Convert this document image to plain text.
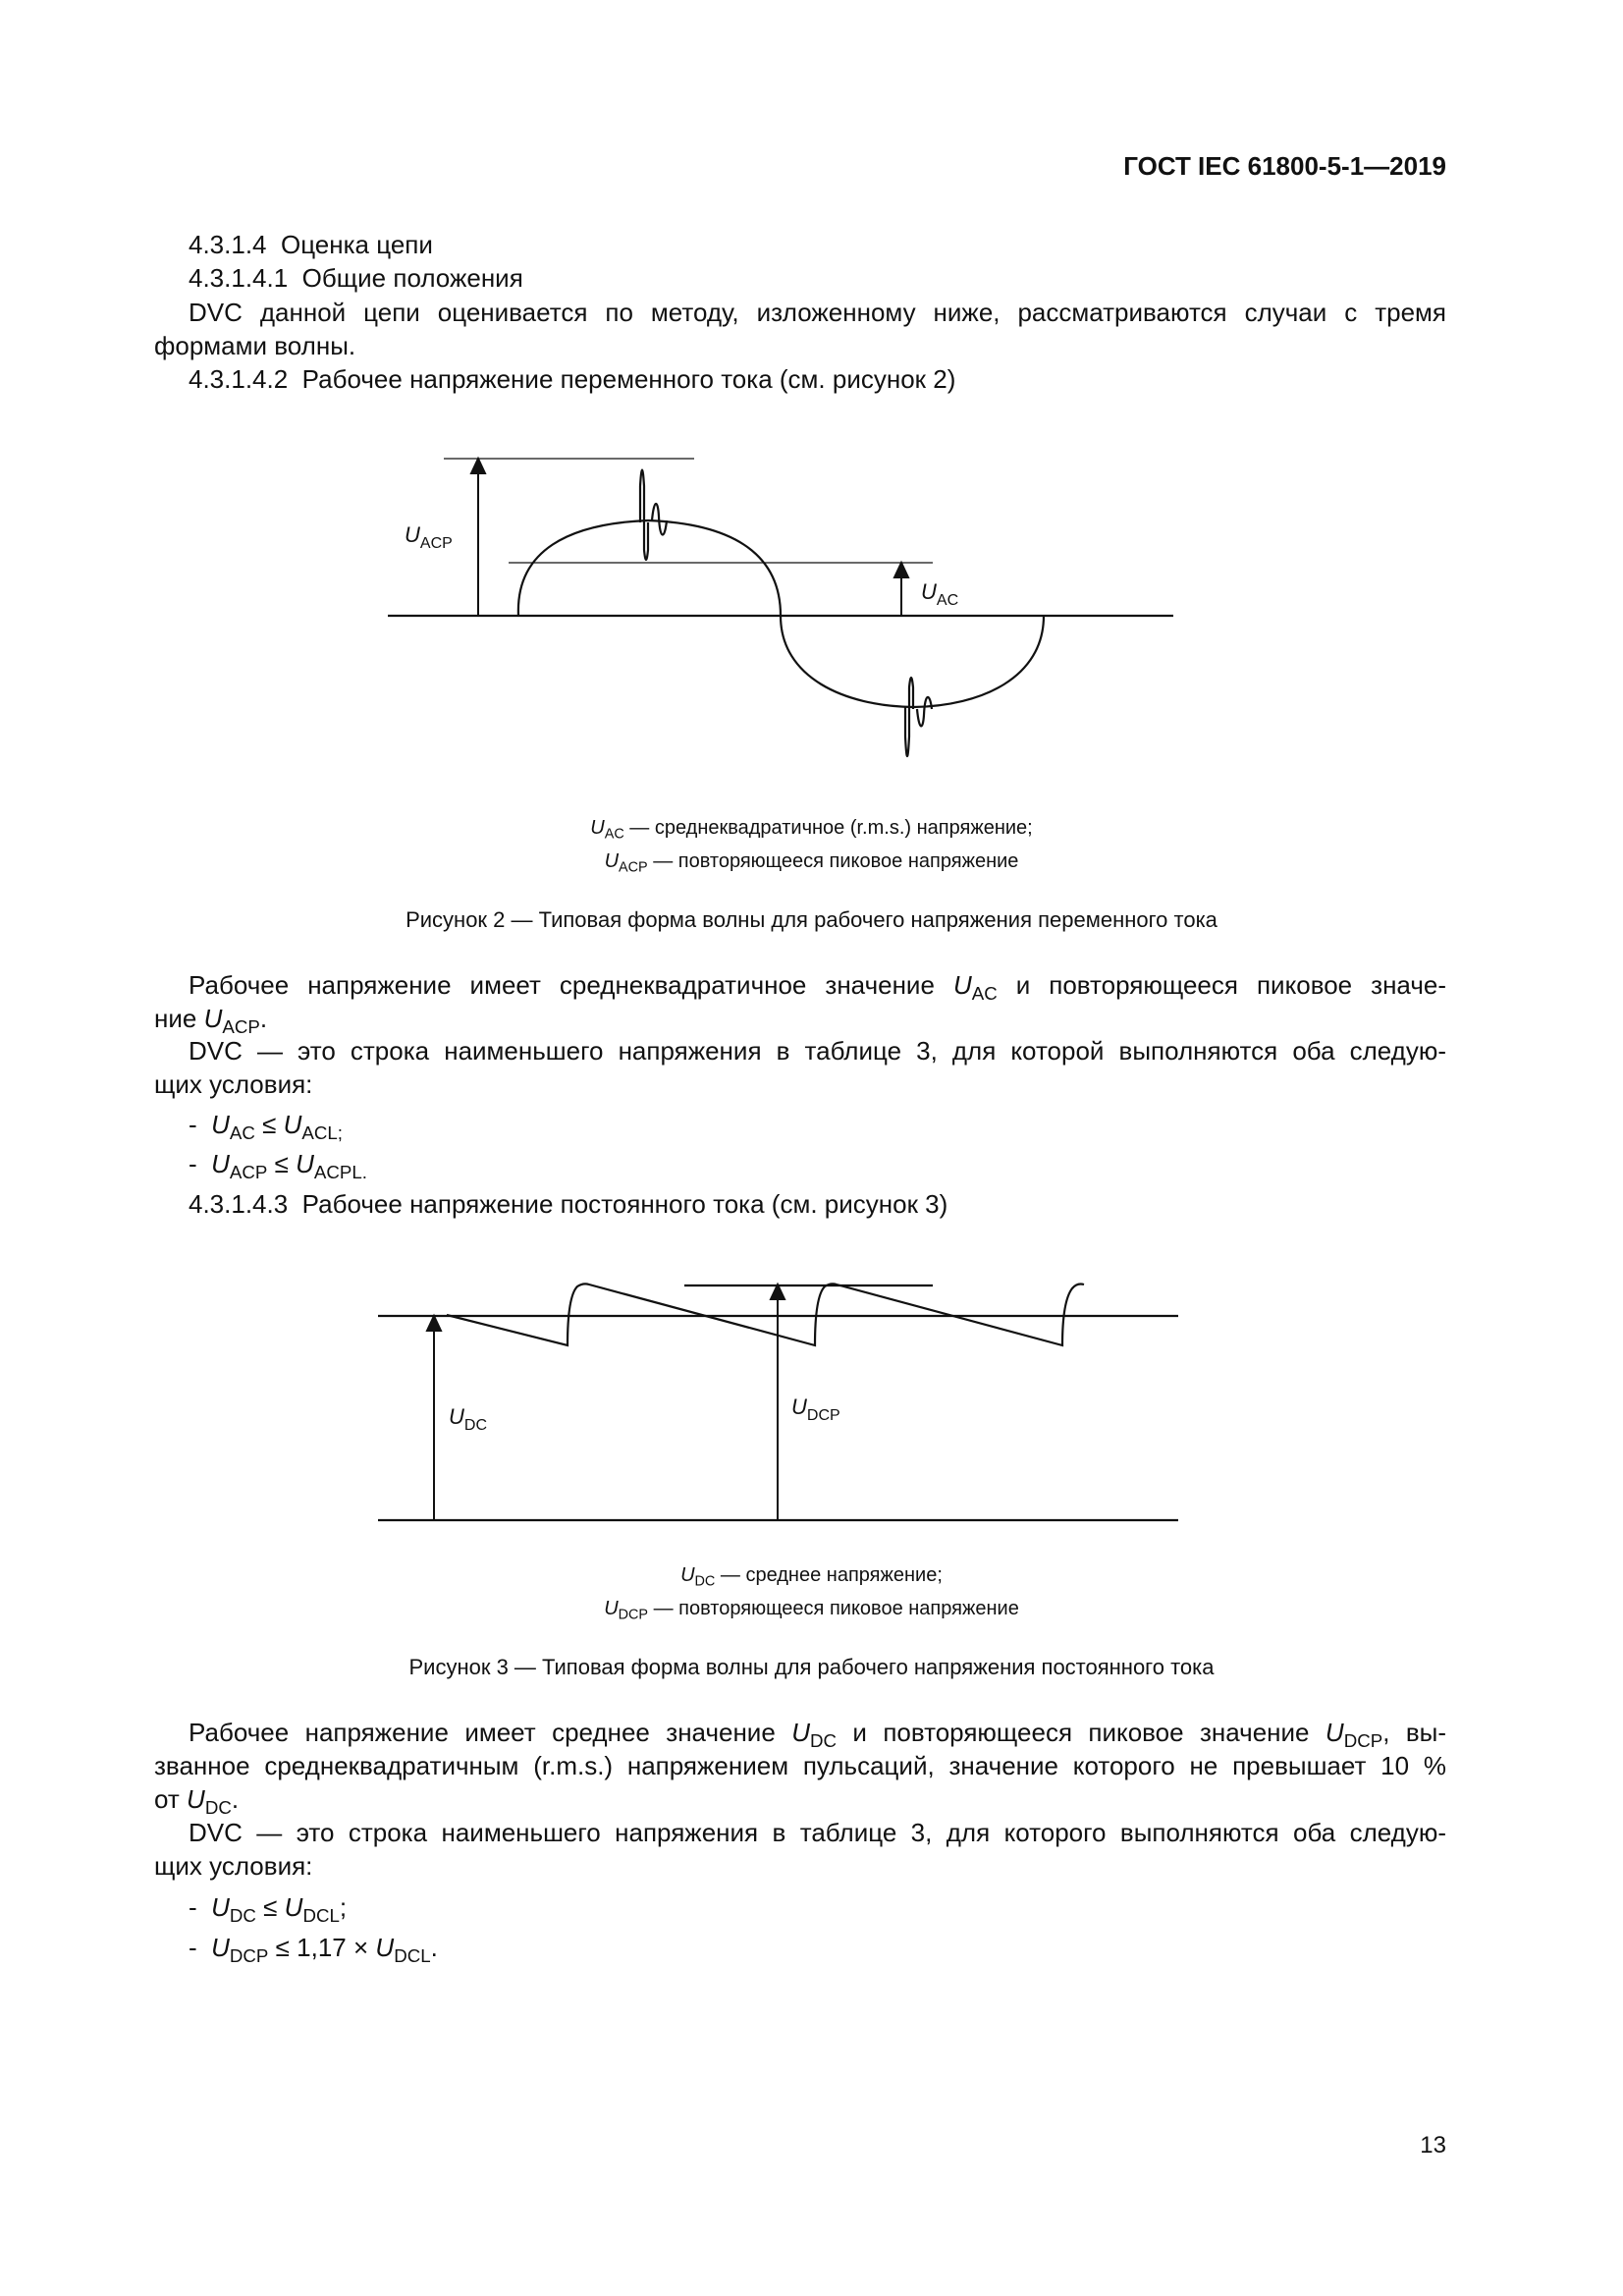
ГОСТ IEC 61800-5-1—2019
4.3.1.4 Оценка цепи
4.3.1.4.1 Общие положения
DVC данной цепи оценивается по методу, изложенному ниже, рассматриваются случаи с тремя
формами волны.
4.3.1.4.2 Рабочее напряжение переменного тока (см. рисунок 2)
$U_{ACP}$
$U_{AC}$
$U_{AC}$ — среднеквадратичное (r.m.s.) напряжение;
$U_{ACP}$ — повторяющееся пиковое напряжение
Рисунок 2 — Типовая форма волны для рабочего напряжения переменного тока
Рабочее напряжение имеет среднеквадратичное значение $U_{AC}$ и повторяющееся пиковое значе-
ние $U_{ACP}$.
DVC — это строка наименьшего напряжения в таблице 3, для которой выполняются оба следую-
щих условия:
- $U_{AC} \le U_{ACL;}$
- $U_{ACP} \le U_{ACPL.}$
4.3.1.4.3 Рабочее напряжение постоянного тока (см. рисунок 3)
$U_{DC}$
$U_{DCP}$
$U_{DC}$ — среднее напряжение;
$U_{DCP}$ — повторяющееся пиковое напряжение
Рисунок 3 — Типовая форма волны для рабочего напряжения постоянного тока
Рабочее напряжение имеет среднее значение $U_{DC}$ и повторяющееся пиковое значение $U_{DCP}$, вы-
званное среднеквадратичным (r.m.s.) напряжением пульсаций, значение которого не превышает 10 %
от $U_{DC}$.
DVC — это строка наименьшего напряжения в таблице 3, для которого выполняются оба следую-
щих условия:
- $U_{DC} \le U_{DCL}$;
- $U_{DCP} \le 1,17 \times U_{DCL}$.
13
